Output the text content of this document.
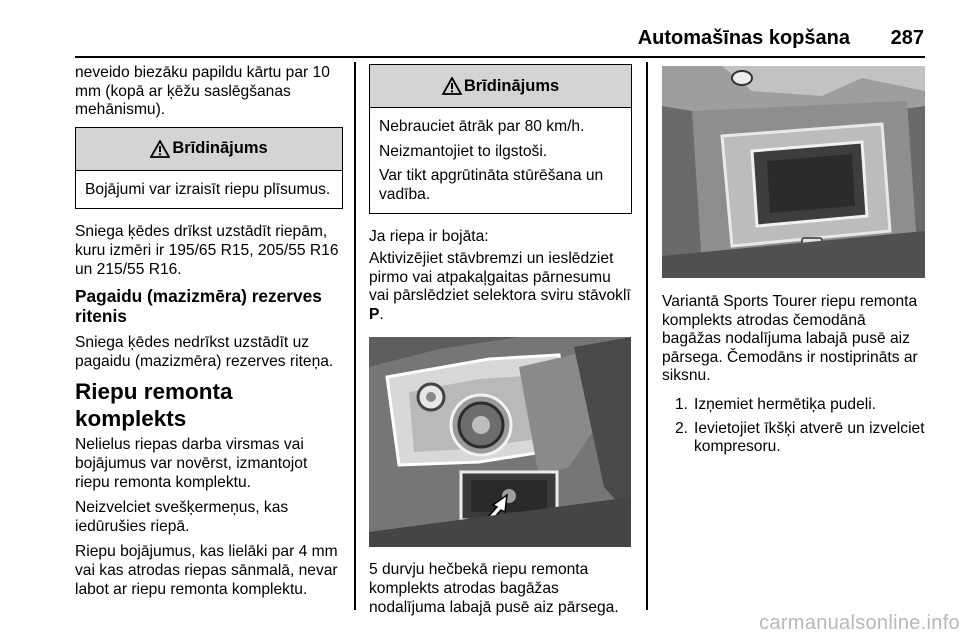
Automašīnas kopšana	287

neveido biezāku papildu kārtu par 10 mm (kopā ar ķēžu saslēgšanas mehānismu).

Brīdinājums

Bojājumi var izraisīt riepu plīsumus.

Sniega ķēdes drīkst uzstādīt riepām, kuru izmēri ir 195/65 R15, 205/55 R16 un 215/55 R16.

Pagaidu (mazizmēra) rezerves ritenis

Sniega ķēdes nedrīkst uzstādīt uz pagaidu (mazizmēra) rezerves riteņa.

Riepu remonta komplekts

Nelielus riepas darba virsmas vai bojājumus var novērst, izmantojot riepu remonta komplektu.

Neizvelciet svešķermeņus, kas iedūrušies riepā.

Riepu bojājumus, kas lielāki par 4 mm vai kas atrodas riepas sānmalā, nevar labot ar riepu remonta komplektu.

Brīdinājums

Nebrauciet ātrāk par 80 km/h.

Neizmantojiet to ilgstoši.

Var tikt apgrūtināta stūrēšana un vadība.

Ja riepa ir bojāta:

Aktivizējiet stāvbremzi un ieslēdziet pirmo vai atpakaļgaitas pārnesumu vai pārslēdziet selektora sviru stāvoklī P.

5 durvju hečbekā riepu remonta komplekts atrodas bagāžas nodalījuma labajā pusē aiz pārsega.

Variantā Sports Tourer riepu remonta komplekts atrodas čemodānā bagāžas nodalījuma labajā pusē aiz pārsega. Čemodāns ir nostiprināts ar siksnu.

1. Izņemiet hermētiķa pudeli.
2. Ievietojiet īkšķi atverē un izvelciet kompresoru.
carmanualsonline.info
